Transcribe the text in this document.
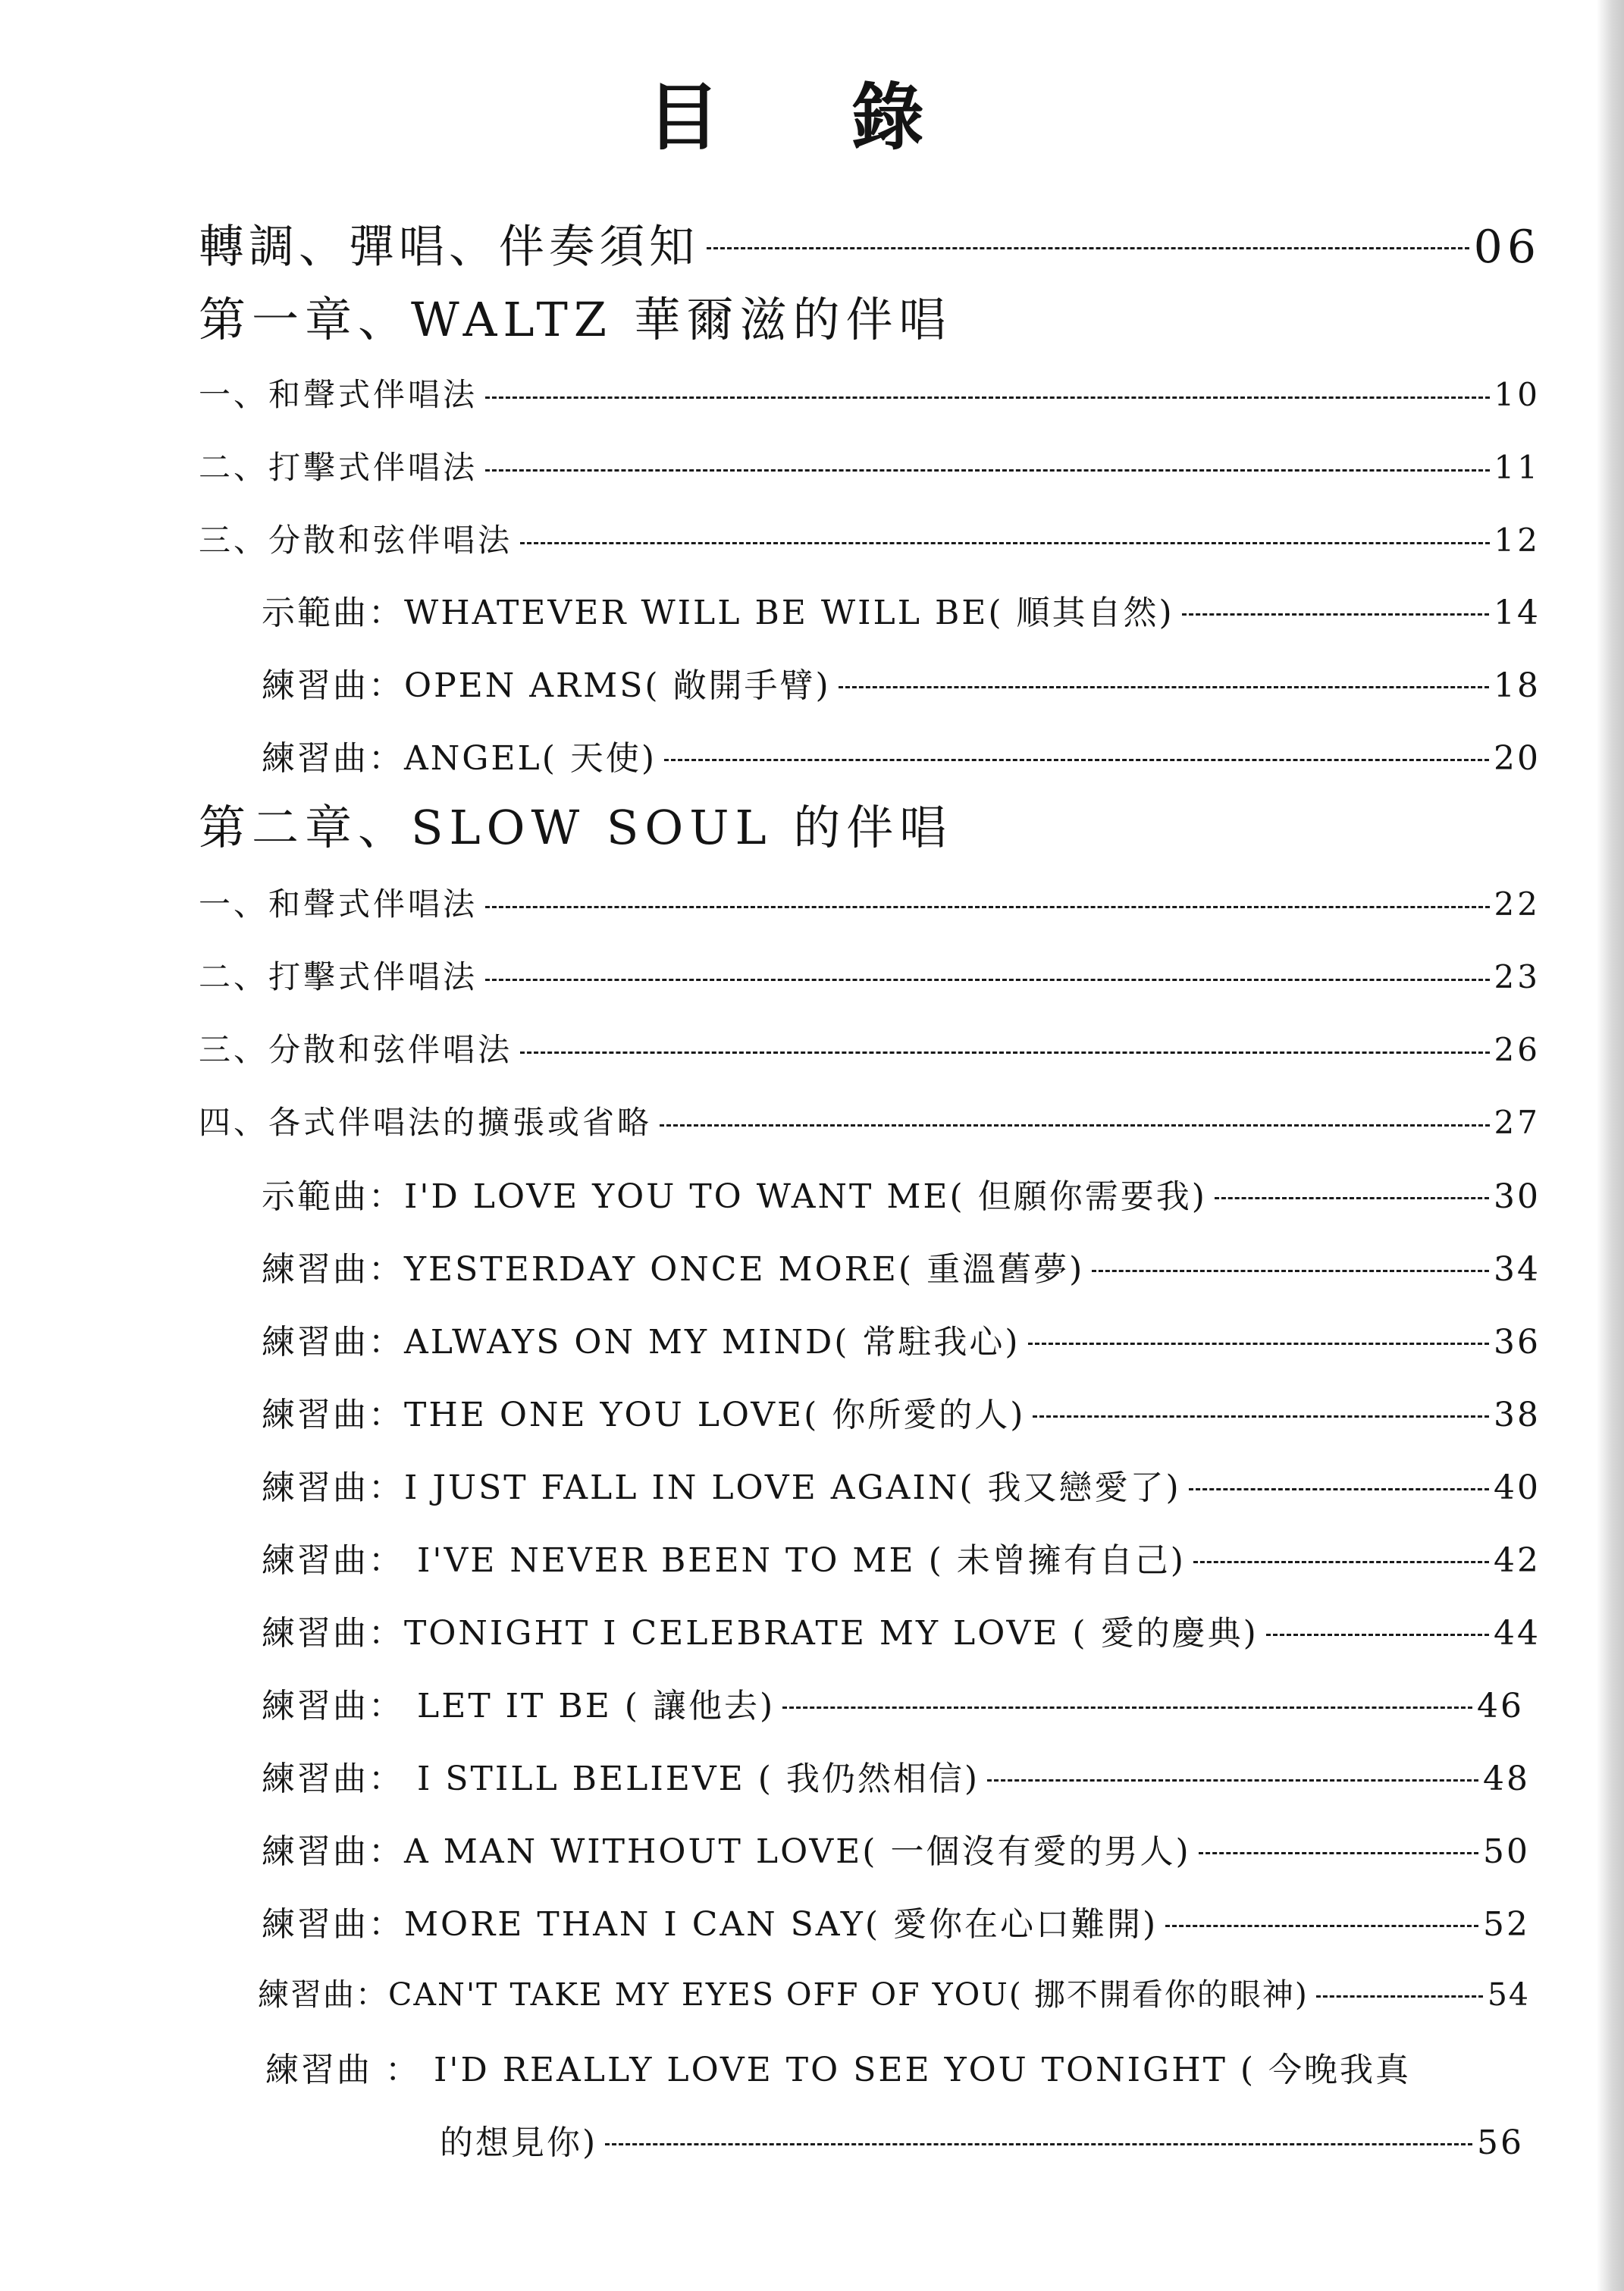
目 錄
轉調、彈唱、伴奏須知	06
第一章、WALTZ 華爾滋的伴唱
一、和聲式伴唱法	10
二、打擊式伴唱法	11
三、分散和弦伴唱法	12
示範曲：WHATEVER WILL BE WILL BE( 順其自然)	14
練習曲：OPEN ARMS( 敞開手臂)	18
練習曲：ANGEL( 天使)	20
第二章、SLOW SOUL 的伴唱
一、和聲式伴唱法	22
二、打擊式伴唱法	23
三、分散和弦伴唱法	26
四、各式伴唱法的擴張或省略	27
示範曲：I'D LOVE YOU TO WANT ME( 但願你需要我)	30
練習曲：YESTERDAY ONCE MORE( 重溫舊夢)	34
練習曲：ALWAYS ON MY MIND( 常駐我心)	36
練習曲：THE ONE YOU LOVE( 你所愛的人)	38
練習曲：I JUST FALL IN LOVE AGAIN( 我又戀愛了)	40
練習曲： I'VE NEVER BEEN TO ME ( 未曾擁有自己)	42
練習曲：TONIGHT I CELEBRATE MY LOVE ( 愛的慶典)	44
練習曲： LET IT BE ( 讓他去)	46
練習曲： I STILL BELIEVE ( 我仍然相信)	48
練習曲：A MAN WITHOUT LOVE( 一個沒有愛的男人)	50
練習曲：MORE THAN I CAN SAY( 愛你在心口難開)	52
練習曲：CAN'T TAKE MY EYES OFF OF YOU( 挪不開看你的眼神)	54
練習曲 ： I'D REALLY LOVE TO SEE YOU TONIGHT ( 今晚我真
的想見你)	56
